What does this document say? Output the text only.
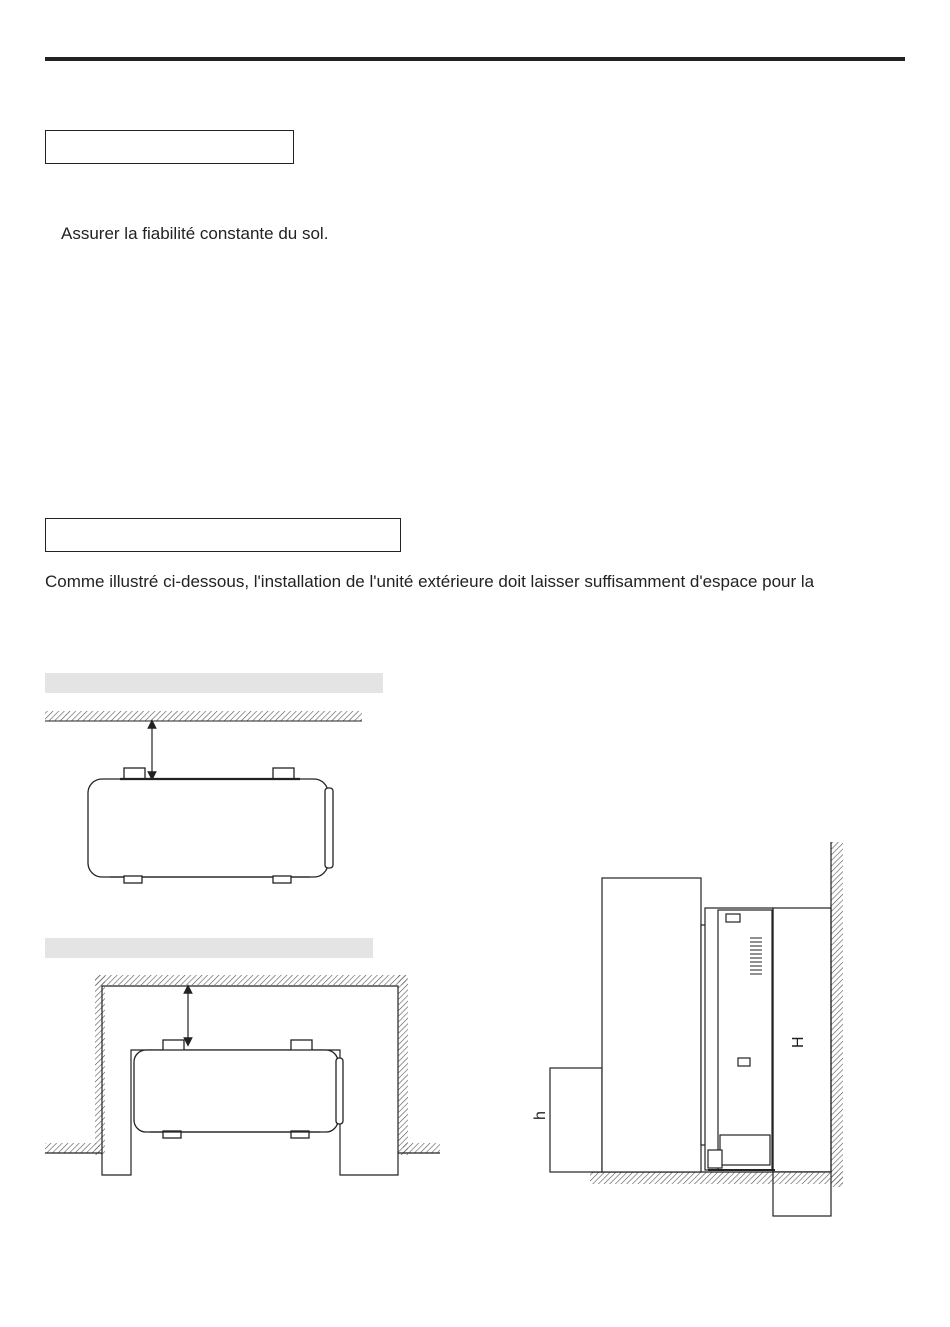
Assurer la fiabilité constante du sol.
Comme illustré ci-dessous, l'installation de l'unité extérieure doit laisser suffisamment d'espace pour la
h
H
